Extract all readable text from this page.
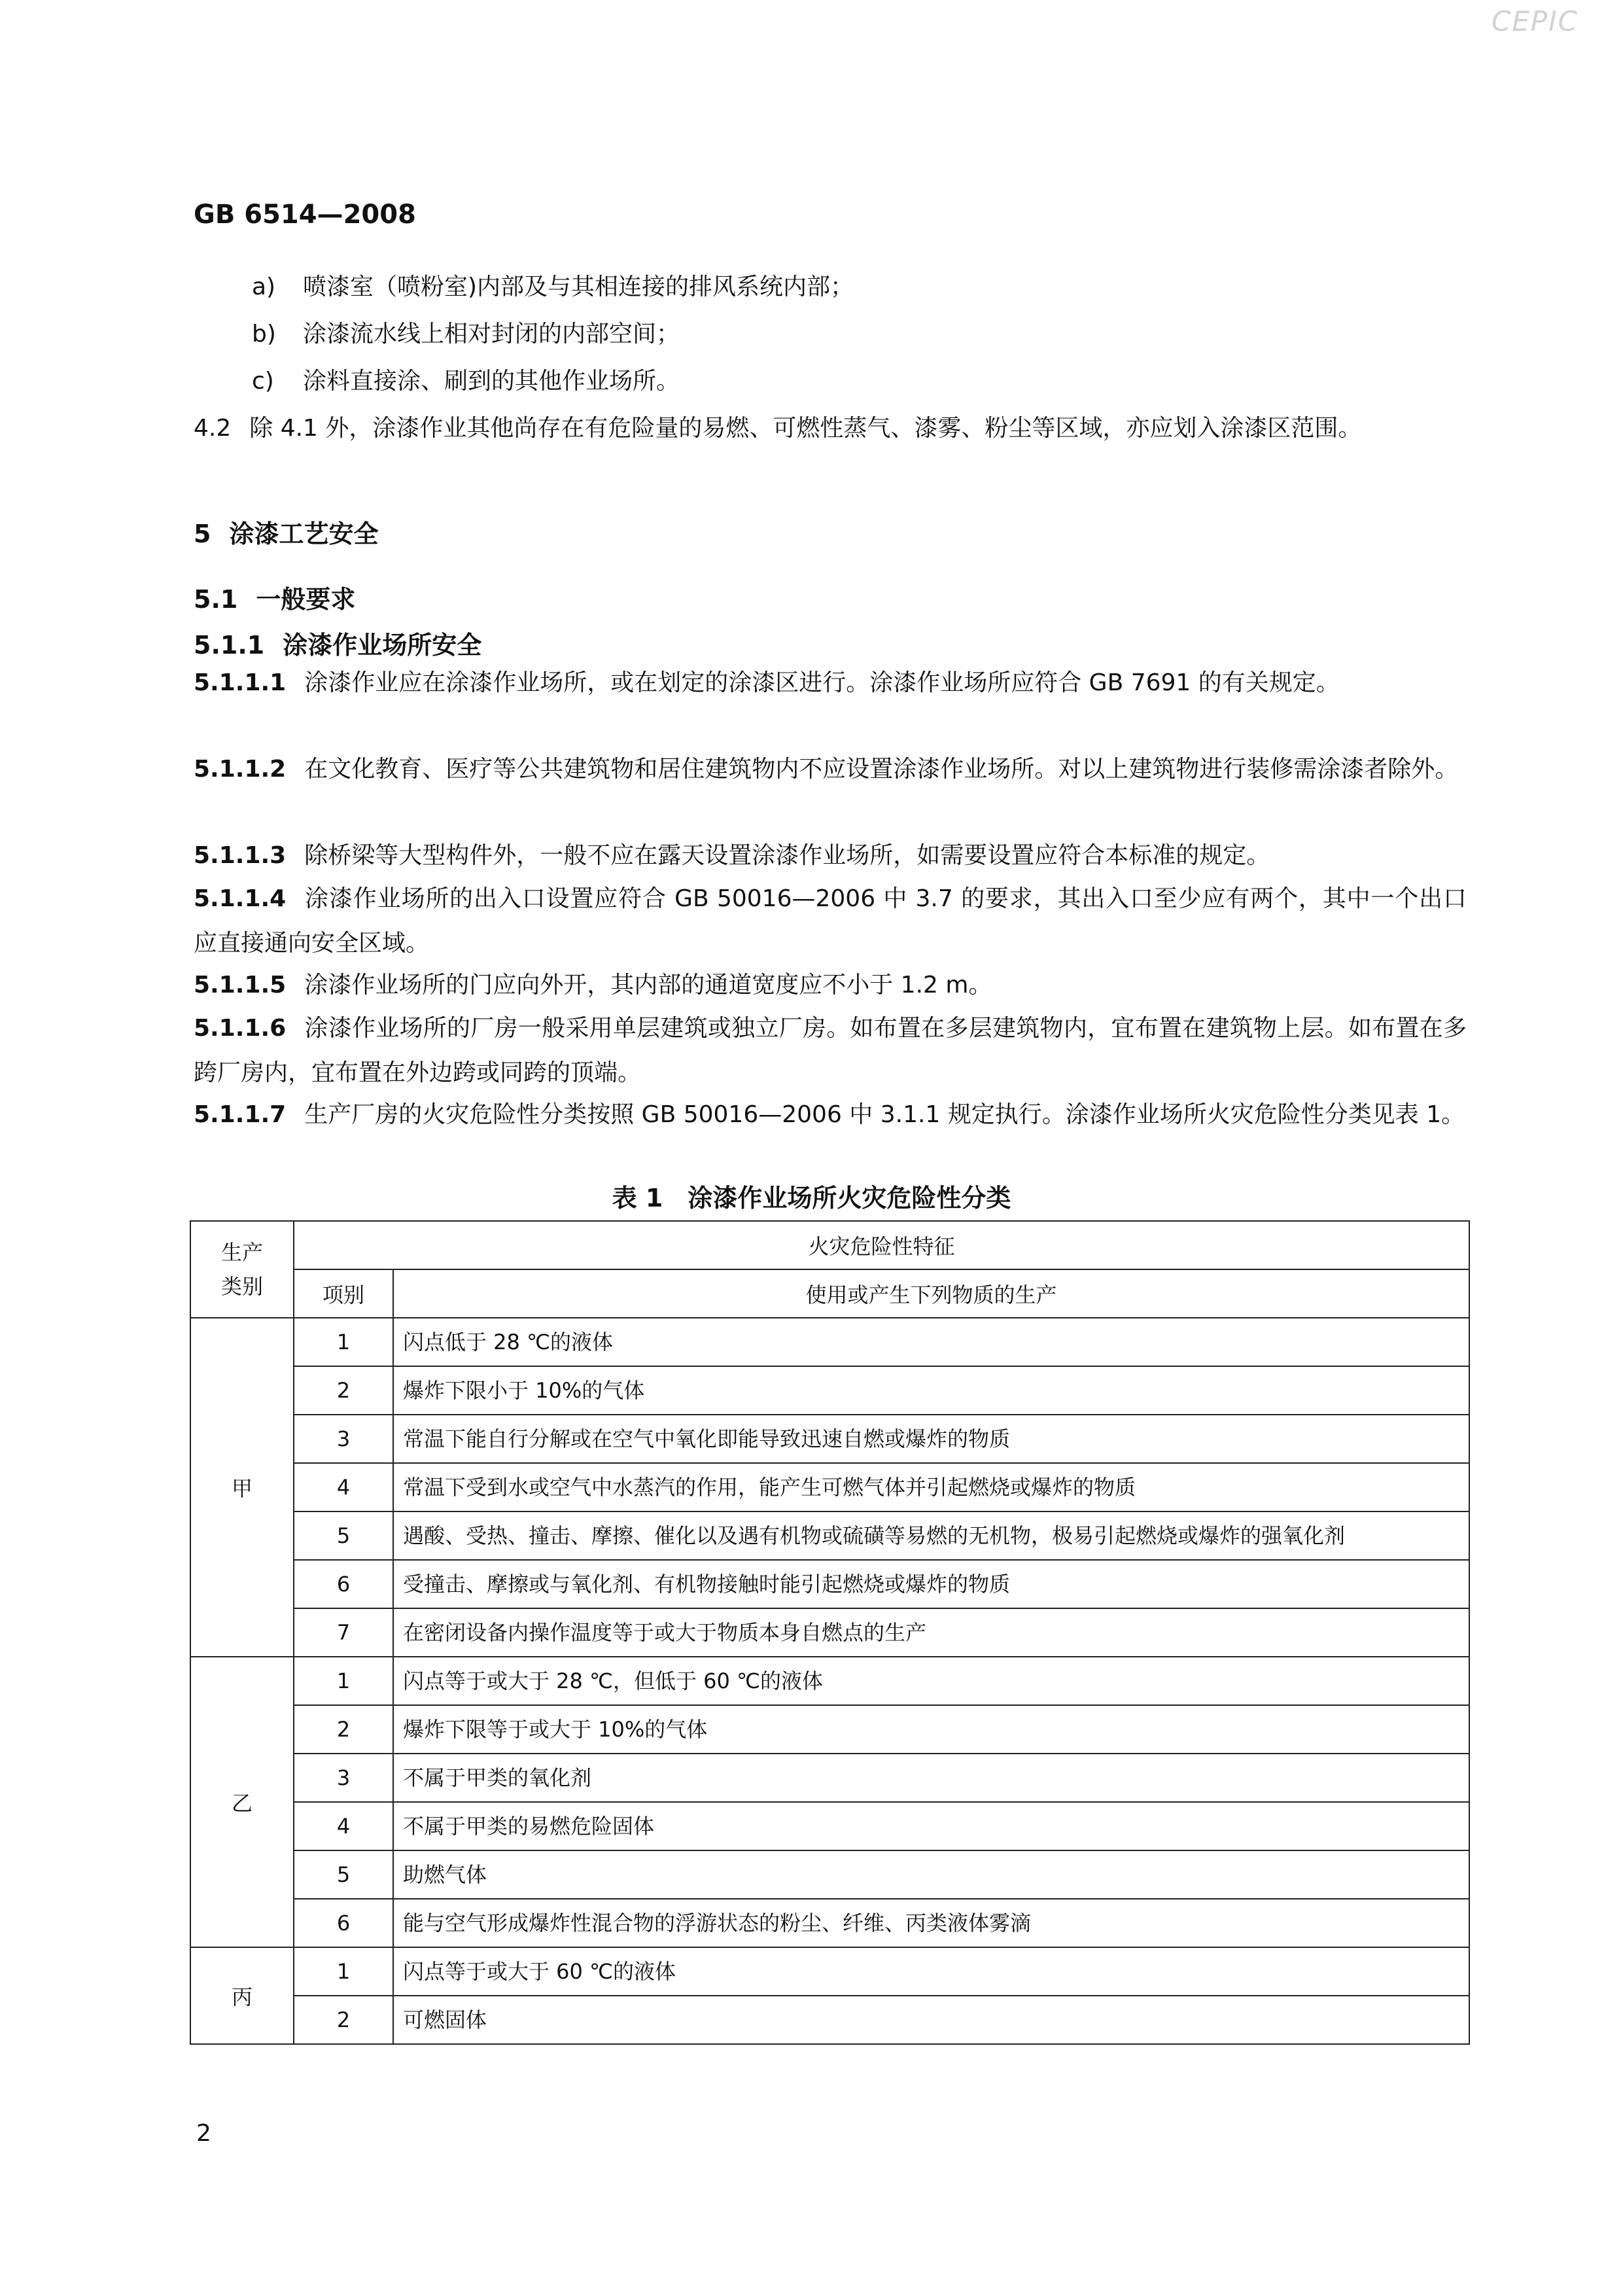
CEPIC
GB 6514—2008
a) 喷漆室（喷粉室)内部及与其相连接的排风系统内部；
b) 涂漆流水线上相对封闭的内部空间；
c) 涂料直接涂、刷到的其他作业场所。
4.2 除 4.1 外，涂漆作业其他尚存在有危险量的易燃、可燃性蒸气、漆雾、粉尘等区域，亦应划入涂漆区范围。
5 涂漆工艺安全
5.1 一般要求
5.1.1 涂漆作业场所安全
5.1.1.1 涂漆作业应在涂漆作业场所，或在划定的涂漆区进行。涂漆作业场所应符合 GB 7691 的有关规定。
5.1.1.2 在文化教育、医疗等公共建筑物和居住建筑物内不应设置涂漆作业场所。对以上建筑物进行装修需涂漆者除外。
5.1.1.3 除桥梁等大型构件外，一般不应在露天设置涂漆作业场所，如需要设置应符合本标准的规定。
5.1.1.4 涂漆作业场所的出入口设置应符合 GB 50016—2006 中 3.7 的要求，其出入口至少应有两个，其中一个出口应直接通向安全区域。
5.1.1.5 涂漆作业场所的门应向外开，其内部的通道宽度应不小于 1.2 m。
5.1.1.6 涂漆作业场所的厂房一般采用单层建筑或独立厂房。如布置在多层建筑物内，宜布置在建筑物上层。如布置在多跨厂房内，宜布置在外边跨或同跨的顶端。
5.1.1.7 生产厂房的火灾危险性分类按照 GB 50016—2006 中 3.1.1 规定执行。涂漆作业场所火灾危险性分类见表 1。
表 1　涂漆作业场所火灾危险性分类
生产
类别	火灾危险性特征	
	项别	使用或产生下列物质的生产
甲	1	闪点低于 28 ℃的液体
	2	爆炸下限小于 10%的气体
	3	常温下能自行分解或在空气中氧化即能导致迅速自燃或爆炸的物质
	4	常温下受到水或空气中水蒸汽的作用，能产生可燃气体并引起燃烧或爆炸的物质
	5	遇酸、受热、撞击、摩擦、催化以及遇有机物或硫磺等易燃的无机物，极易引起燃烧或爆炸的强氧化剂
	6	受撞击、摩擦或与氧化剂、有机物接触时能引起燃烧或爆炸的物质
	7	在密闭设备内操作温度等于或大于物质本身自燃点的生产
乙	1	闪点等于或大于 28 ℃，但低于 60 ℃的液体
	2	爆炸下限等于或大于 10%的气体
	3	不属于甲类的氧化剂
	4	不属于甲类的易燃危险固体
	5	助燃气体
	6	能与空气形成爆炸性混合物的浮游状态的粉尘、纤维、丙类液体雾滴
丙	1	闪点等于或大于 60 ℃的液体
	2	可燃固体
2
